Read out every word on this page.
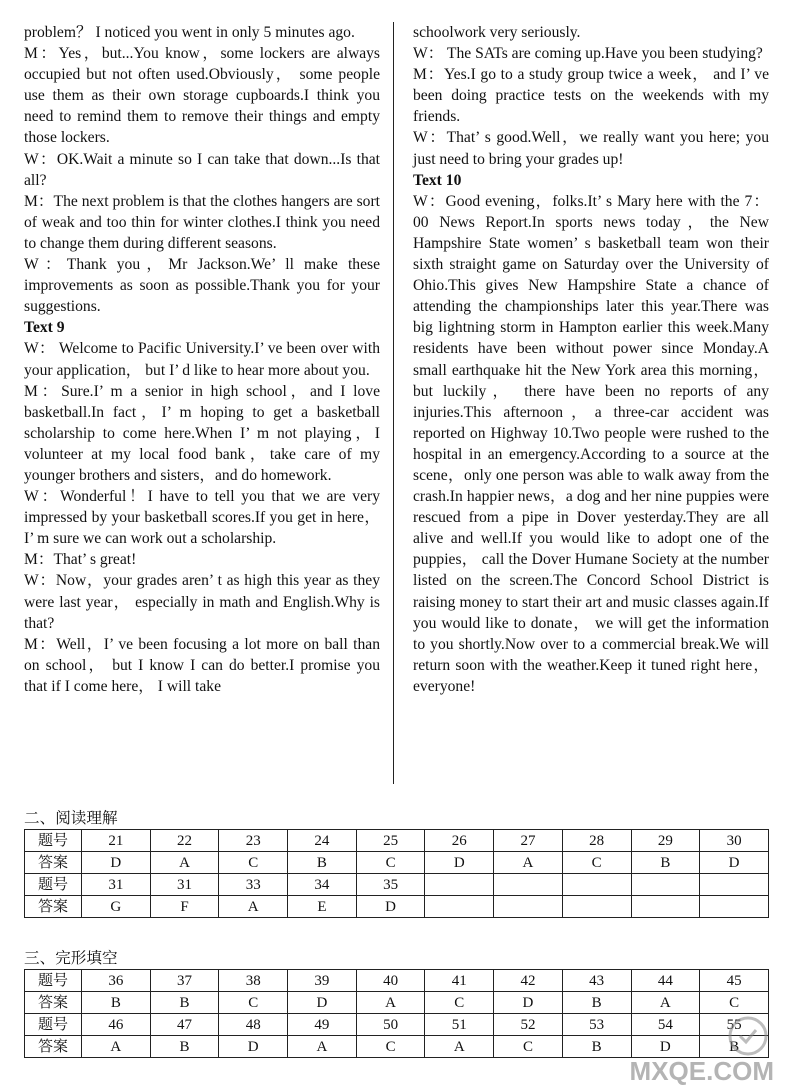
problem？ I noticed you went in only 5 minutes ago.

M：Yes，but...You know，some lockers are always occupied but not often used.Obviously， some people use them as their own storage cupboards.I think you need to remind them to remove their things and empty those lockers.

W：OK.Wait a minute so I can take that down...Is that all?

M：The next problem is that the clothes hangers are sort of weak and too thin for winter clothes.I think you need to change them during different seasons.

W：Thank you，Mr Jackson.We’ ll make these improvements as soon as possible.Thank you for your suggestions.

Text 9

W： Welcome to Pacific University.I’ ve been over with your application， but I’ d like to hear more about you.

M：Sure.I’ m a senior in high school，and I love basketball.In fact，I’ m hoping to get a basketball scholarship to come here.When I’ m not playing，I volunteer at my local food bank，take care of my younger brothers and sisters，and do homework.

W：Wonderful！I have to tell you that we are very impressed by your basketball scores.If you get in here，I’ m sure we can work out a scholarship.

M：That’ s great!

W：Now，your grades aren’ t as high this year as they were last year， especially in math and English.Why is that?

M：Well，I’ ve been focusing a lot more on ball than on school， but I know I can do better.I promise you that if I come here， I will take

schoolwork very seriously.

W： The SATs are coming up.Have you been studying?

M：Yes.I go to a study group twice a week， and I’ ve been doing practice tests on the weekends with my friends.

W：That’ s good.Well，we really want you here; you just need to bring your grades up!

Text 10

W：Good evening，folks.It’ s Mary here with the 7：00 News Report.In sports news today，the New Hampshire State women’ s basketball team won their sixth straight game on Saturday over the University of Ohio.This gives New Hampshire State a chance of attending the championships later this year.There was big lightning storm in Hampton earlier this week.Many residents have been without power since Monday.A small earthquake hit the New York area this morning， but luckily， there have been no reports of any injuries.This afternoon，a three-car accident was reported on Highway 10.Two people were rushed to the hospital in an emergency.According to a source at the scene，only one person was able to walk away from the crash.In happier news，a dog and her nine puppies were rescued from a pipe in Dover yesterday.They are all alive and well.If you would like to adopt one of the puppies， call the Dover Humane Society at the number listed on the screen.The Concord School District is raising money to start their art and music classes again.If you would like to donate， we will get the information to you shortly.Now over to a commercial break.We will return soon with the weather.Keep it tuned right here，everyone!

二、阅读理解
题号	21	22	23	24	25	26	27	28	29	30
答案	D	A	C	B	C	D	A	C	B	D
题号	31	31	33	34	35					
答案	G	F	A	E	D					
三、完形填空
题号	36	37	38	39	40	41	42	43	44	45
答案	B	B	C	D	A	C	D	B	A	C
题号	46	47	48	49	50	51	52	53	54	55
答案	A	B	D	A	C	A	C	B	D	B
MXQE.COM
